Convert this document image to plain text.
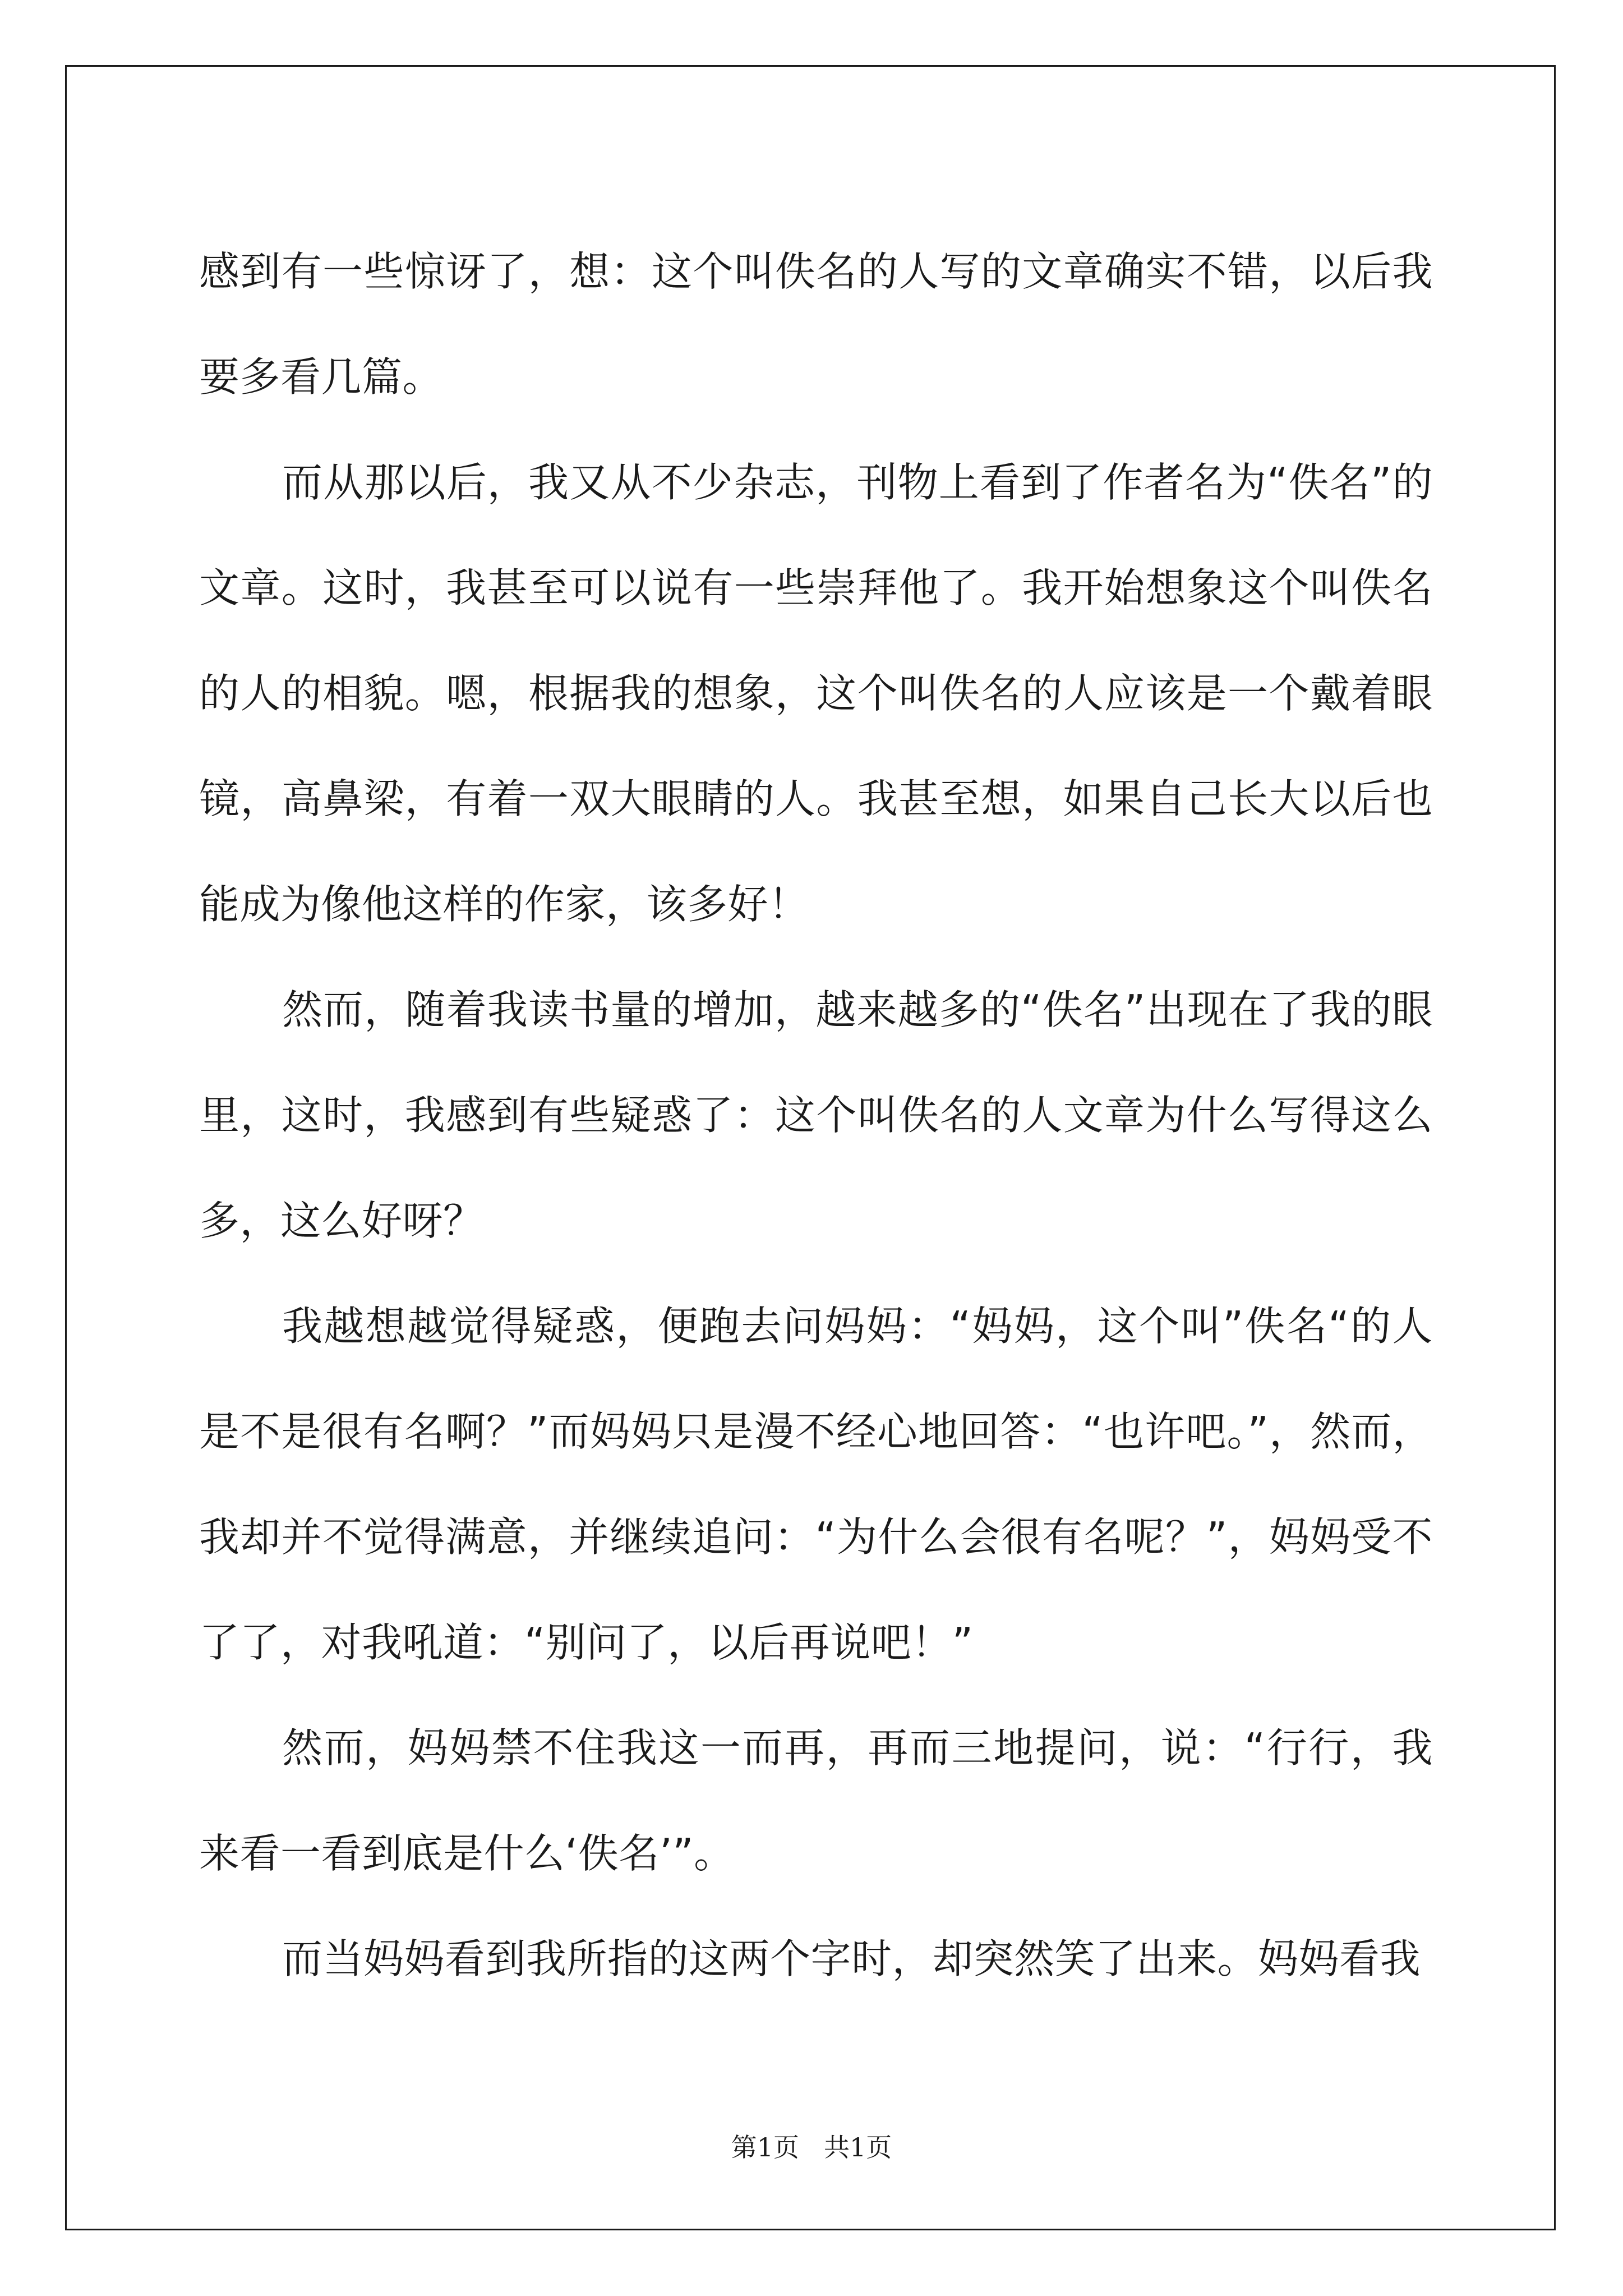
感到有一些惊讶了，想：这个叫佚名的人写的文章确实不错，以后我要多看几篇。

而从那以后，我又从不少杂志，刊物上看到了作者名为“佚名”的文章。这时，我甚至可以说有一些崇拜他了。我开始想象这个叫佚名的人的相貌。嗯，根据我的想象，这个叫佚名的人应该是一个戴着眼镜，高鼻梁，有着一双大眼睛的人。我甚至想，如果自己长大以后也能成为像他这样的作家，该多好！

然而，随着我读书量的增加，越来越多的“佚名”出现在了我的眼里，这时，我感到有些疑惑了：这个叫佚名的人文章为什么写得这么多，这么好呀？

我越想越觉得疑惑，便跑去问妈妈：“妈妈，这个叫”佚名“的人是不是很有名啊？”而妈妈只是漫不经心地回答：“也许吧。”，然而，我却并不觉得满意，并继续追问：“为什么会很有名呢？”，妈妈受不了了，对我吼道：“别问了，以后再说吧！”

然而，妈妈禁不住我这一而再，再而三地提问，说：“行行，我来看一看到底是什么‘佚名’”。

而当妈妈看到我所指的这两个字时，却突然笑了出来。妈妈看我

第1页 共1页
